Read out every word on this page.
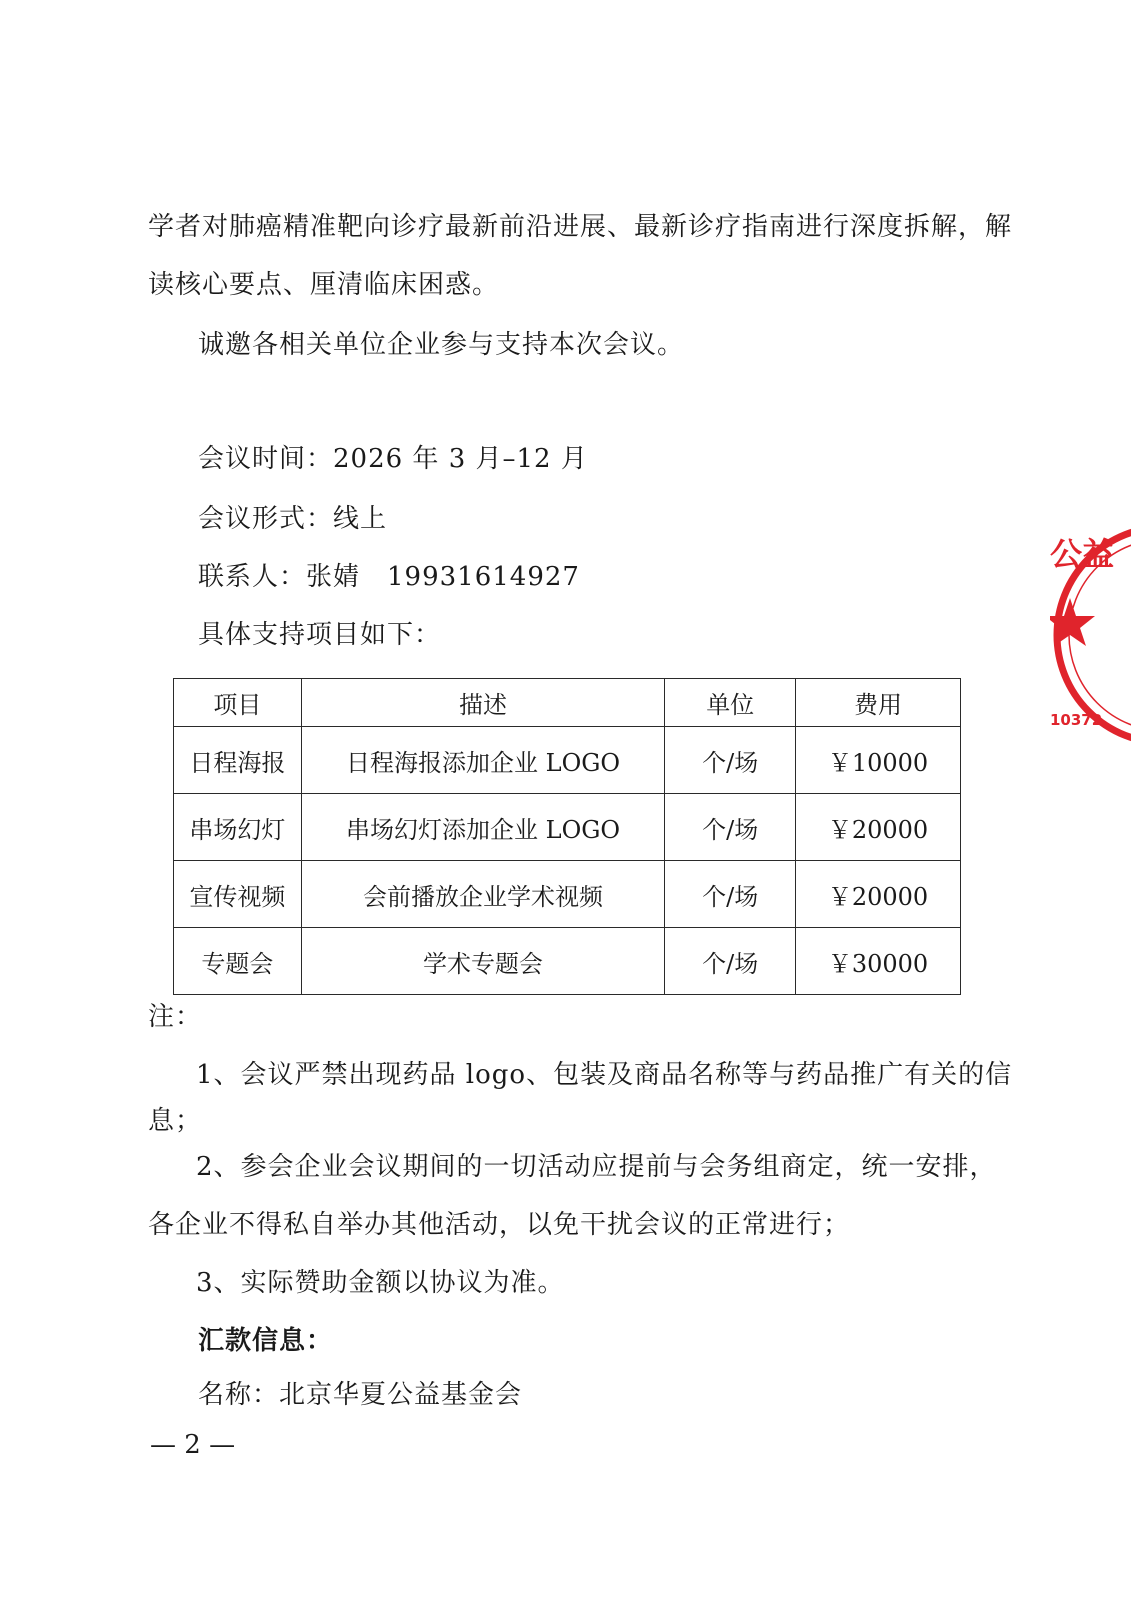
学者对肺癌精准靶向诊疗最新前沿进展、最新诊疗指南进行深度拆解，解
读核心要点、厘清临床困惑。
诚邀各相关单位企业参与支持本次会议。
会议时间：2026 年 3 月–12 月
会议形式：线上
联系人：张婧　19931614927
具体支持项目如下：
项目	描述	单位	费用
日程海报	日程海报添加企业 LOGO	个/场	￥10000
串场幻灯	串场幻灯添加企业 LOGO	个/场	￥20000
宣传视频	会前播放企业学术视频	个/场	￥20000
专题会	学术专题会	个/场	￥30000
注：
1、会议严禁出现药品 logo、包装及商品名称等与药品推广有关的信
息；
2、参会企业会议期间的一切活动应提前与会务组商定，统一安排，
各企业不得私自举办其他活动，以免干扰会议的正常进行；
3、实际赞助金额以协议为准。
汇款信息：
名称：北京华夏公益基金会
— 2 —
公益
10372
